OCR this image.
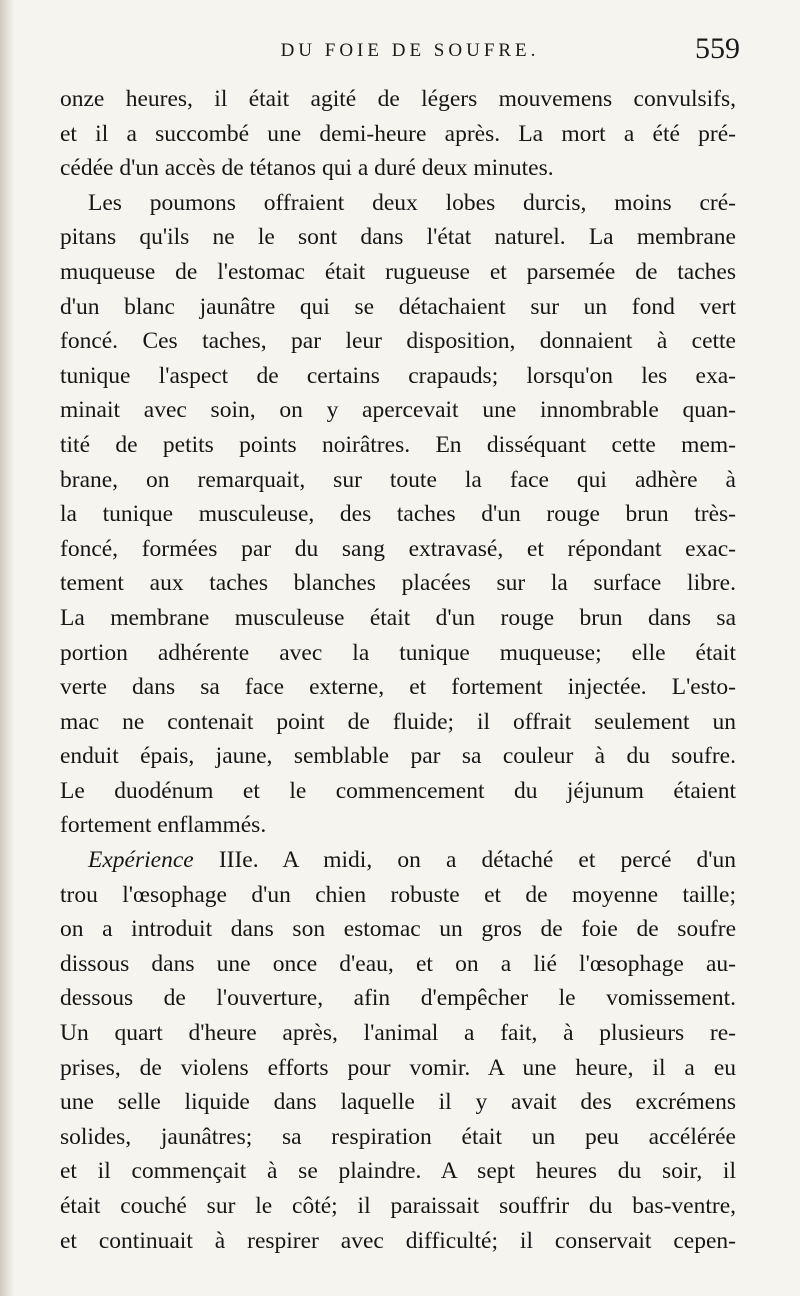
DU FOIE DE SOUFRE.	559
onze heures, il était agité de légers mouvemens convulsifs,
et il a succombé une demi-heure après. La mort a été pré-
cédée d'un accès de tétanos qui a duré deux minutes.
Les poumons offraient deux lobes durcis, moins cré-
pitans qu'ils ne le sont dans l'état naturel. La membrane
muqueuse de l'estomac était rugueuse et parsemée de taches
d'un blanc jaunâtre qui se détachaient sur un fond vert
foncé. Ces taches, par leur disposition, donnaient à cette
tunique l'aspect de certains crapauds; lorsqu'on les exa-
minait avec soin, on y apercevait une innombrable quan-
tité de petits points noirâtres. En disséquant cette mem-
brane, on remarquait, sur toute la face qui adhère à
la tunique musculeuse, des taches d'un rouge brun très-
foncé, formées par du sang extravasé, et répondant exac-
tement aux taches blanches placées sur la surface libre.
La membrane musculeuse était d'un rouge brun dans sa
portion adhérente avec la tunique muqueuse; elle était
verte dans sa face externe, et fortement injectée. L'esto-
mac ne contenait point de fluide; il offrait seulement un
enduit épais, jaune, semblable par sa couleur à du soufre.
Le duodénum et le commencement du jéjunum étaient
fortement enflammés.
Expérience IIIe. A midi, on a détaché et percé d'un
trou l'œsophage d'un chien robuste et de moyenne taille;
on a introduit dans son estomac un gros de foie de soufre
dissous dans une once d'eau, et on a lié l'œsophage au-
dessous de l'ouverture, afin d'empêcher le vomissement.
Un quart d'heure après, l'animal a fait, à plusieurs re-
prises, de violens efforts pour vomir. A une heure, il a eu
une selle liquide dans laquelle il y avait des excrémens
solides, jaunâtres; sa respiration était un peu accélérée
et il commençait à se plaindre. A sept heures du soir, il
était couché sur le côté; il paraissait souffrir du bas-ventre,
et continuait à respirer avec difficulté; il conservait cepen-
